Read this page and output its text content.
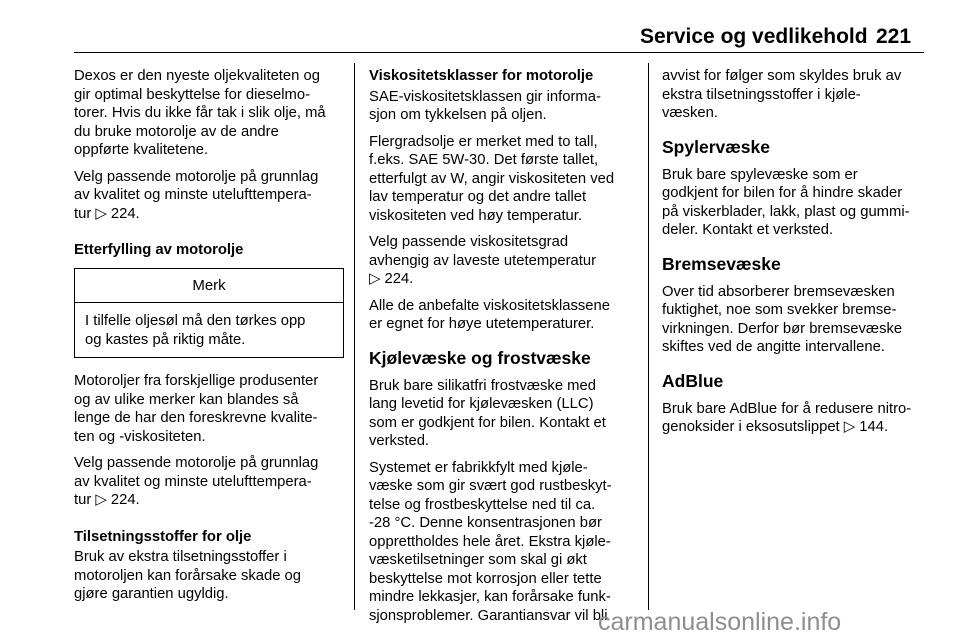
Service og vedlikehold 221

Dexos er den nyeste oljekvaliteten og
gir optimal beskyttelse for dieselmo-
torer. Hvis du ikke får tak i slik olje, må
du bruke motorolje av de andre
oppførte kvalitetene.

Velg passende motorolje på grunnlag
av kvalitet og minste utelufttempera-
tur ▷ 224.

Etterfylling av motorolje
Merk
I tilfelle oljesøl må den tørkes opp
og kastes på riktig måte.

Motoroljer fra forskjellige produsenter
og av ulike merker kan blandes så
lenge de har den foreskrevne kvalite-
ten og -viskositeten.

Velg passende motorolje på grunnlag
av kvalitet og minste utelufttempera-
tur ▷ 224.

Tilsetningsstoffer for olje

Bruk av ekstra tilsetningsstoffer i
motoroljen kan forårsake skade og
gjøre garantien ugyldig.

Viskositetsklasser for motorolje

SAE-viskositetsklassen gir informa-
sjon om tykkelsen på oljen.

Flergradsolje er merket med to tall,
f.eks. SAE 5W-30. Det første tallet,
etterfulgt av W, angir viskositeten ved
lav temperatur og det andre tallet
viskositeten ved høy temperatur.

Velg passende viskositetsgrad
avhengig av laveste utetemperatur
▷ 224.

Alle de anbefalte viskositetsklassene
er egnet for høye utetemperaturer.

Kjølevæske og frostvæske

Bruk bare silikatfri frostvæske med
lang levetid for kjølevæsken (LLC)
som er godkjent for bilen. Kontakt et
verksted.

Systemet er fabrikkfylt med kjøle-
væske som gir svært god rustbeskyt-
telse og frostbeskyttelse ned til ca.
-28 °C. Denne konsentrasjonen bør
opprettholdes hele året. Ekstra kjøle-
væsketilsetninger som skal gi økt
beskyttelse mot korrosjon eller tette
mindre lekkasjer, kan forårsake funk-
sjonsproblemer. Garantiansvar vil bli

avvist for følger som skyldes bruk av
ekstra tilsetningsstoffer i kjøle-
væsken.

Spylervæske

Bruk bare spylevæske som er
godkjent for bilen for å hindre skader
på viskerblader, lakk, plast og gummi-
deler. Kontakt et verksted.

Bremsevæske

Over tid absorberer bremsevæsken
fuktighet, noe som svekker bremse-
virkningen. Derfor bør bremsevæske
skiftes ved de angitte intervallene.

AdBlue

Bruk bare AdBlue for å redusere nitro-
genoksider i eksosutslippet ▷ 144.

carmanualsonline.info
